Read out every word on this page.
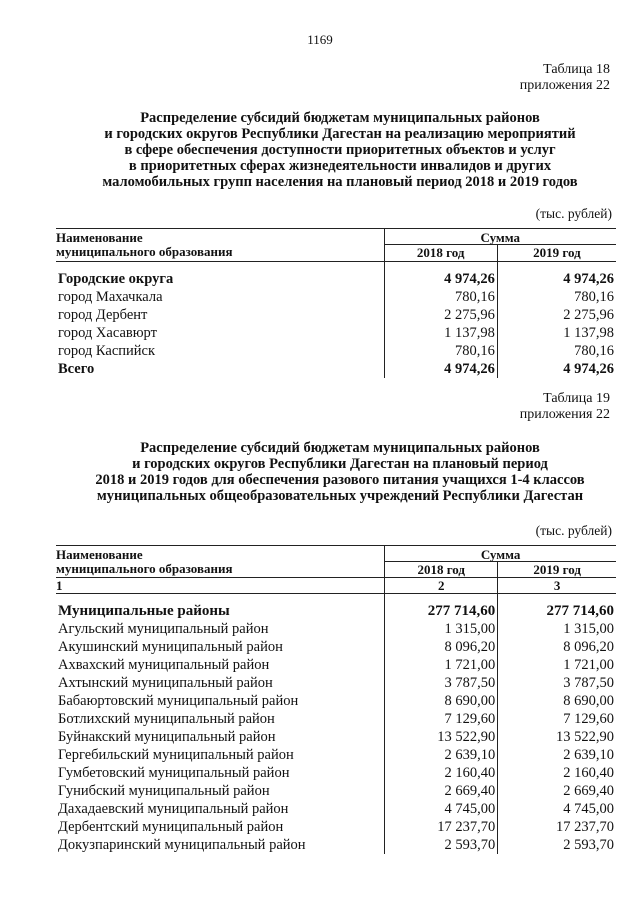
1169
Таблица 18
приложения 22
Распределение субсидий бюджетам муниципальных районов
и городских округов Республики Дагестан на реализацию мероприятий
в сфере обеспечения доступности приоритетных объектов и услуг
в приоритетных сферах жизнедеятельности инвалидов и других
маломобильных групп населения на плановый период 2018 и 2019 годов
(тыс. рублей)
Наименование	Сумма	
муниципального образования	2018 год	2019 год

Городские округа	4 974,26	4 974,26
город Махачкала	780,16	780,16
город Дербент	2 275,96	2 275,96
город Хасавюрт	1 137,98	1 137,98
город Каспийск	780,16	780,16
Всего	4 974,26	4 974,26
Таблица 19
приложения 22
Распределение субсидий бюджетам муниципальных районов
и городских округов Республики Дагестан на плановый период
2018 и 2019 годов для обеспечения разового питания учащихся 1-4 классов
муниципальных общеобразовательных учреждений Республики Дагестан
(тыс. рублей)
Наименование	Сумма	
муниципального образования	2018 год	2019 год
1	2	3

Муниципальные районы	277 714,60	277 714,60
Агульский муниципальный район	1 315,00	1 315,00
Акушинский муниципальный район	8 096,20	8 096,20
Ахвахский муниципальный район	1 721,00	1 721,00
Ахтынский муниципальный район	3 787,50	3 787,50
Бабаюртовский муниципальный район	8 690,00	8 690,00
Ботлихский муниципальный район	7 129,60	7 129,60
Буйнакский муниципальный район	13 522,90	13 522,90
Гергебильский муниципальный район	2 639,10	2 639,10
Гумбетовский муниципальный район	2 160,40	2 160,40
Гунибский муниципальный район	2 669,40	2 669,40
Дахадаевский муниципальный район	4 745,00	4 745,00
Дербентский муниципальный район	17 237,70	17 237,70
Докузпаринский муниципальный район	2 593,70	2 593,70
